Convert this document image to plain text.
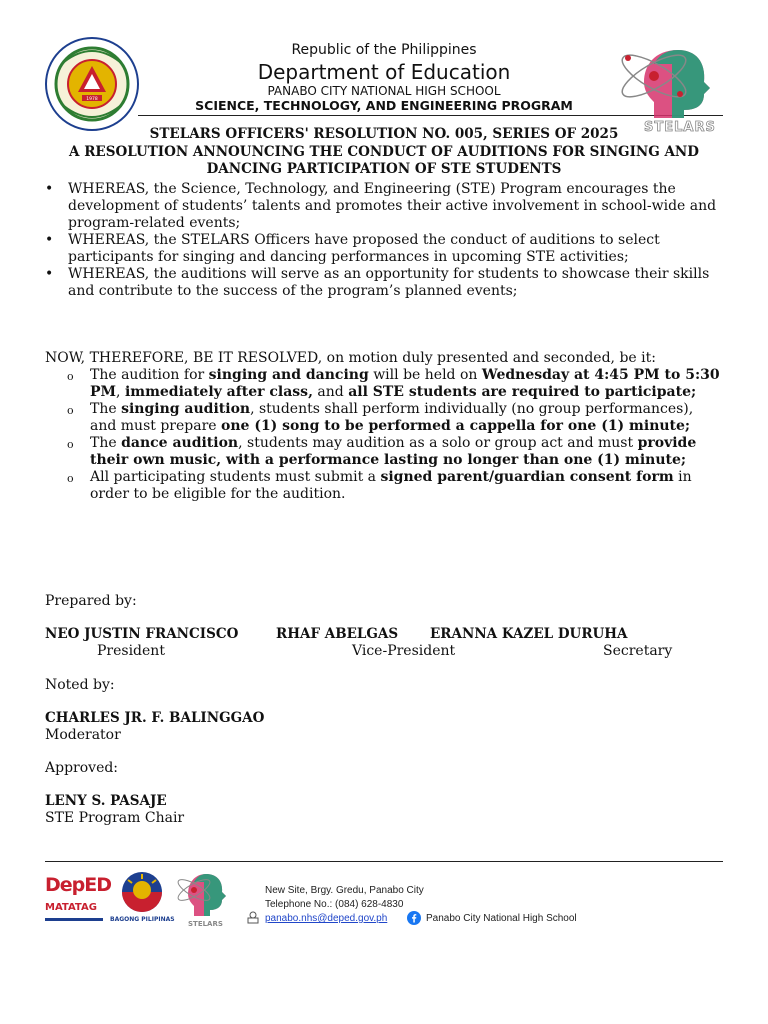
1978
Republic of the Philippines
Department of Education
PANABO CITY NATIONAL HIGH SCHOOL
SCIENCE, TECHNOLOGY, AND ENGINEERING PROGRAM
STELARS
STELARS OFFICERS' RESOLUTION NO. 005, SERIES OF 2025
A RESOLUTION ANNOUNCING THE CONDUCT OF AUDITIONS FOR SINGING AND
DANCING PARTICIPATION OF STE STUDENTS
• WHEREAS, the Science, Technology, and Engineering (STE) Program encourages the development of students’ talents and promotes their active involvement in school-wide and program-related events;
• WHEREAS, the STELARS Officers have proposed the conduct of auditions to select participants for singing and dancing performances in upcoming STE activities;
• WHEREAS, the auditions will serve as an opportunity for students to showcase their skills and contribute to the success of the program’s planned events;
NOW, THEREFORE, BE IT RESOLVED, on motion duly presented and seconded, be it:
o The audition for singing and dancing will be held on Wednesday at 4:45 PM to 5:30 PM, immediately after class, and all STE students are required to participate;
o The singing audition, students shall perform individually (no group performances), and must prepare one (1) song to be performed a cappella for one (1) minute;
o The dance audition, students may audition as a solo or group act and must provide their own music, with a performance lasting no longer than one (1) minute;
o All participating students must submit a signed parent/guardian consent form in order to be eligible for the audition.
Prepared by:
NEO JUSTIN FRANCISCO
President
RHAF ABELGAS
Vice-President
ERANNA KAZEL DURUHA
Secretary
Noted by:
CHARLES JR. F. BALINGGAO
Moderator
Approved:
LENY S. PASAJE
STE Program Chair
DepED
MATATAG
BAGONG PILIPINAS
STELARS
New Site, Brgy. Gredu, Panabo City
Telephone No.: (084) 628-4830
panabo.nhs@deped.gov.ph	Panabo City National High School
